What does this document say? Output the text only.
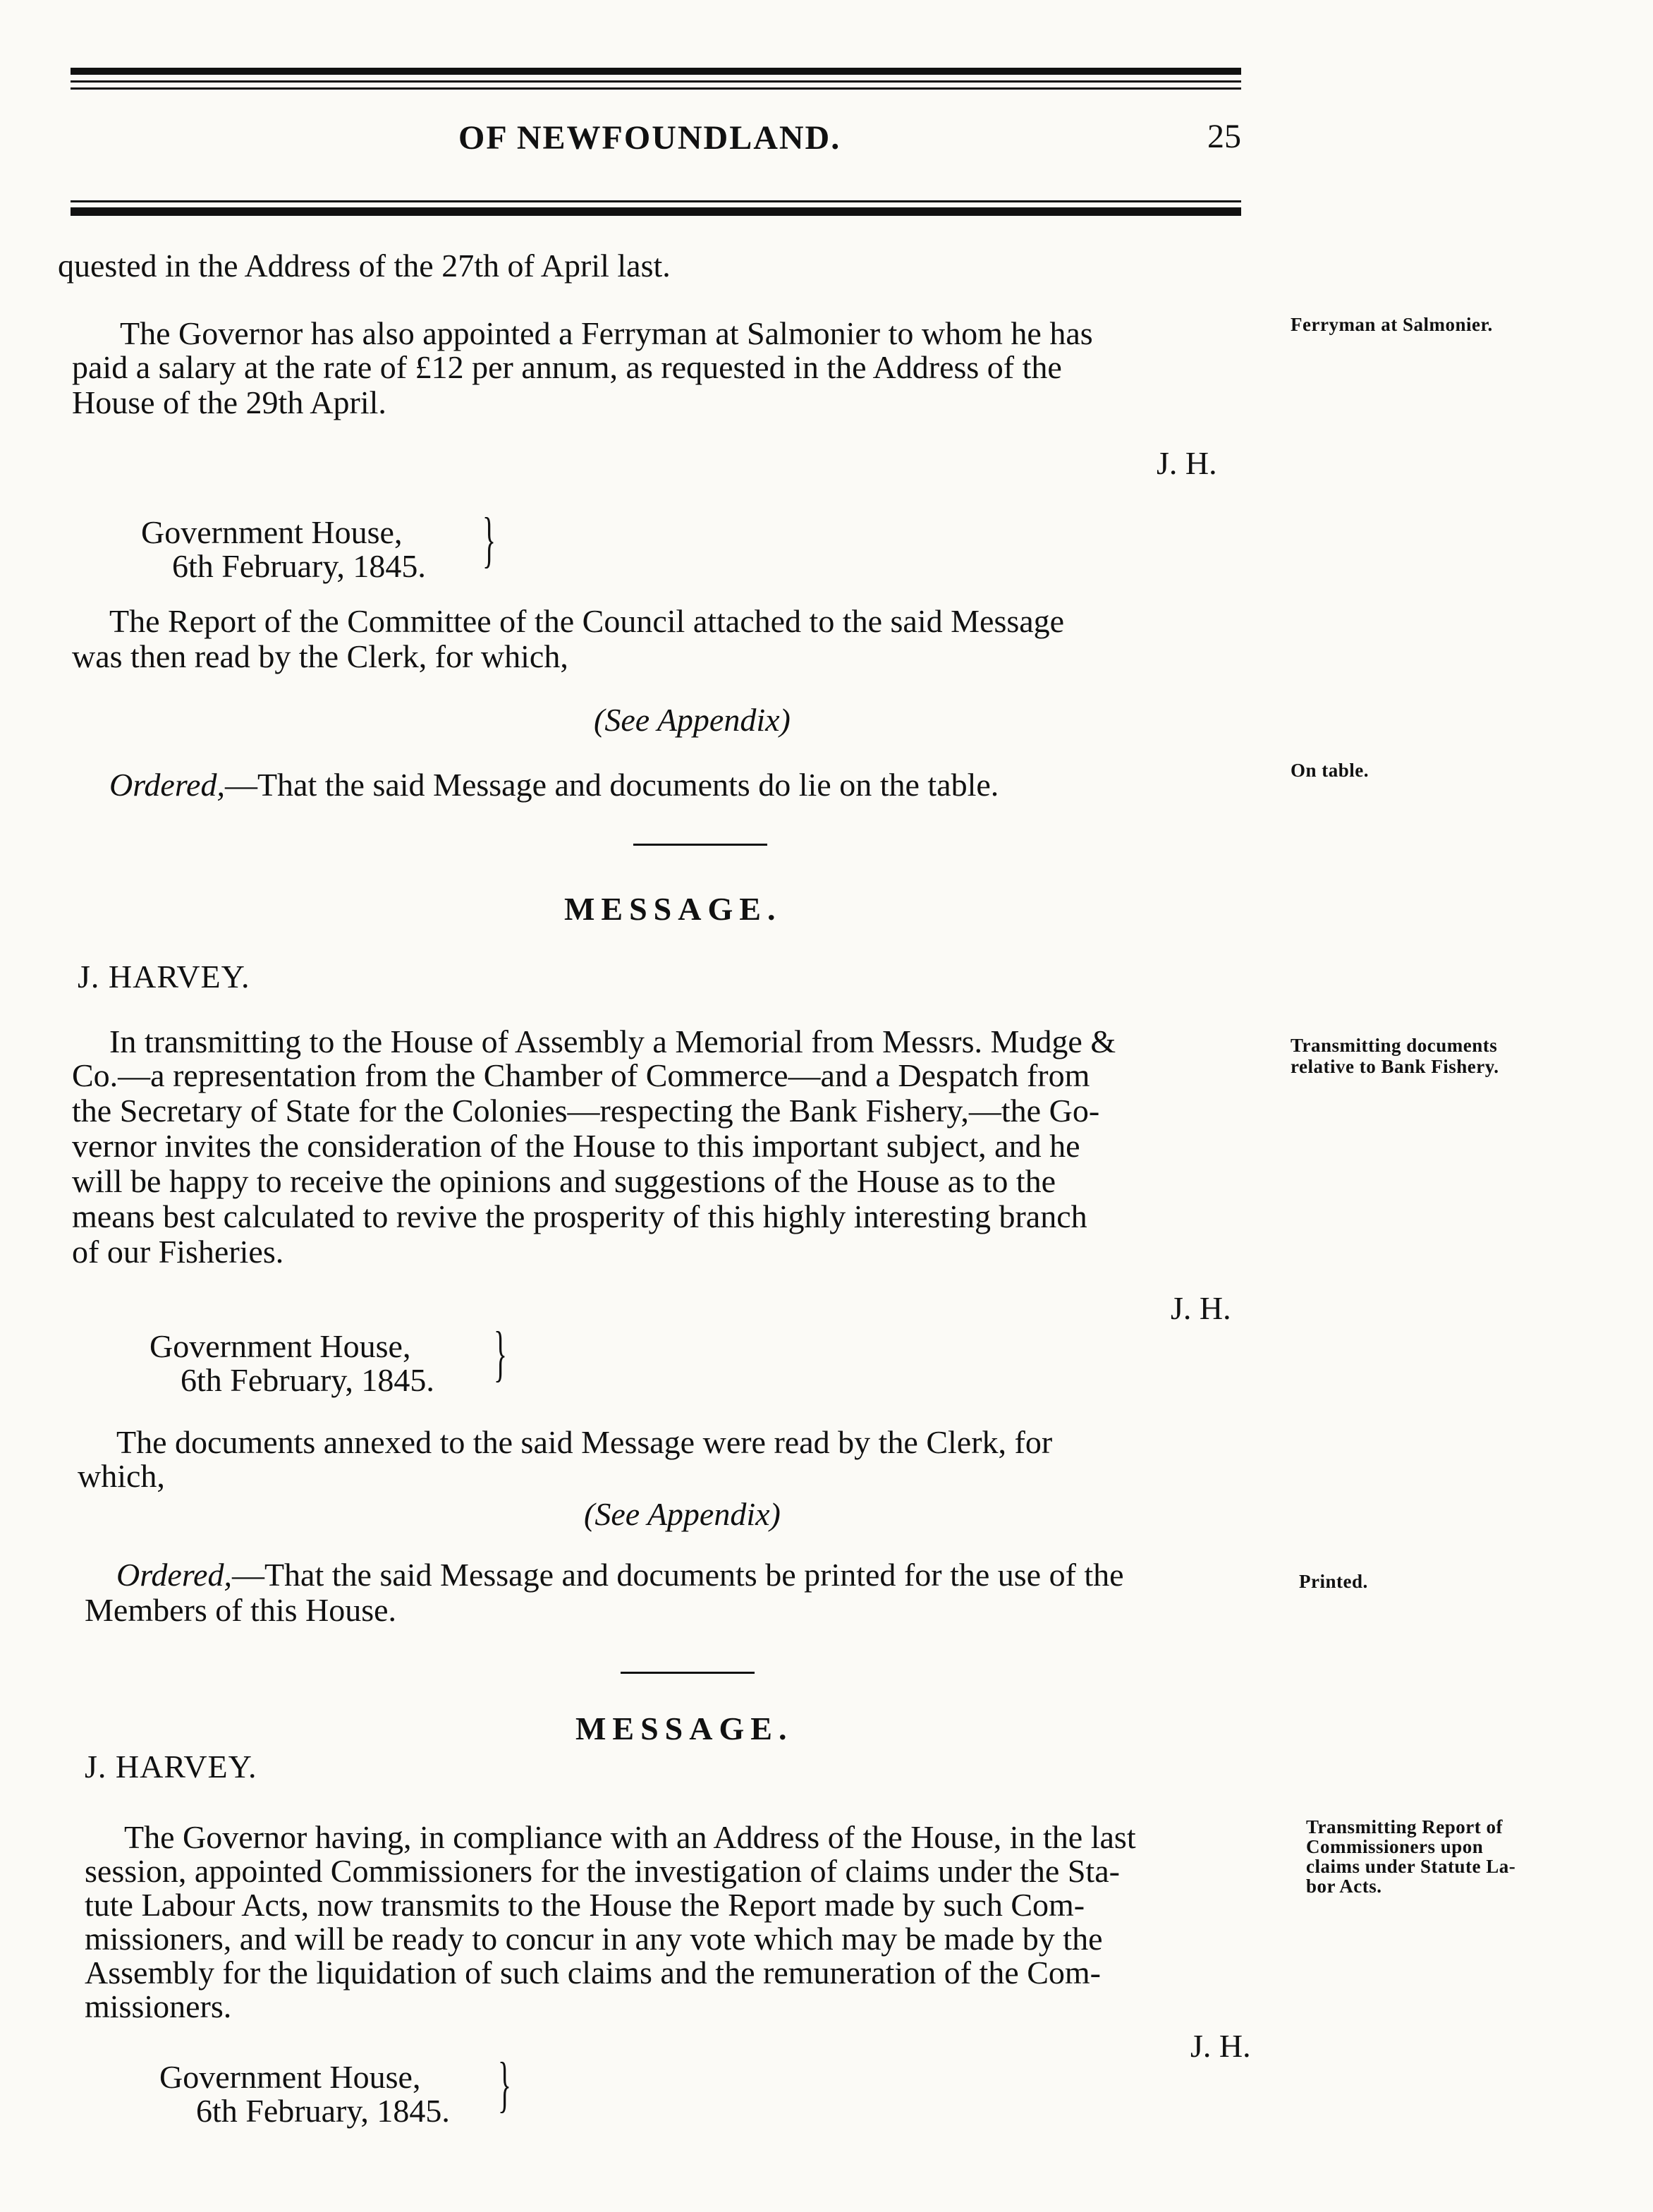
OF NEWFOUNDLAND.	25
quested in the Address of the 27th of April last.
The Governor has also appointed a Ferryman at Salmonier to whom he has
paid a salary at the rate of £12 per annum, as requested in the Address of the
House of the 29th April.
Ferryman at Salmonier.
J. H.
Government House,
6th February, 1845. }
The Report of the Committee of the Council attached to the said Message
was then read by the Clerk, for which,
(See Appendix)
Ordered,—That the said Message and documents do lie on the table.	On table.
MESSAGE.
J. HARVEY.
In transmitting to the House of Assembly a Memorial from Messrs. Mudge &
Co.—a representation from the Chamber of Commerce—and a Despatch from
the Secretary of State for the Colonies—respecting the Bank Fishery,—the Go-
vernor invites the consideration of the House to this important subject, and he
will be happy to receive the opinions and suggestions of the House as to the
means best calculated to revive the prosperity of this highly interesting branch
of our Fisheries.
Transmitting documents
relative to Bank Fishery.
J. H.
Government House,
6th February, 1845. }
The documents annexed to the said Message were read by the Clerk, for
which,
(See Appendix)
Ordered,—That the said Message and documents be printed for the use of the
Members of this House.
Printed.
MESSAGE.
J. HARVEY.
The Governor having, in compliance with an Address of the House, in the last
session, appointed Commissioners for the investigation of claims under the Sta-
tute Labour Acts, now transmits to the House the Report made by such Com-
missioners, and will be ready to concur in any vote which may be made by the
Assembly for the liquidation of such claims and the remuneration of the Com-
missioners.
Transmitting Report of
Commissioners upon
claims under Statute La-
bor Acts.
J. H.
Government House,
6th February, 1845. }
